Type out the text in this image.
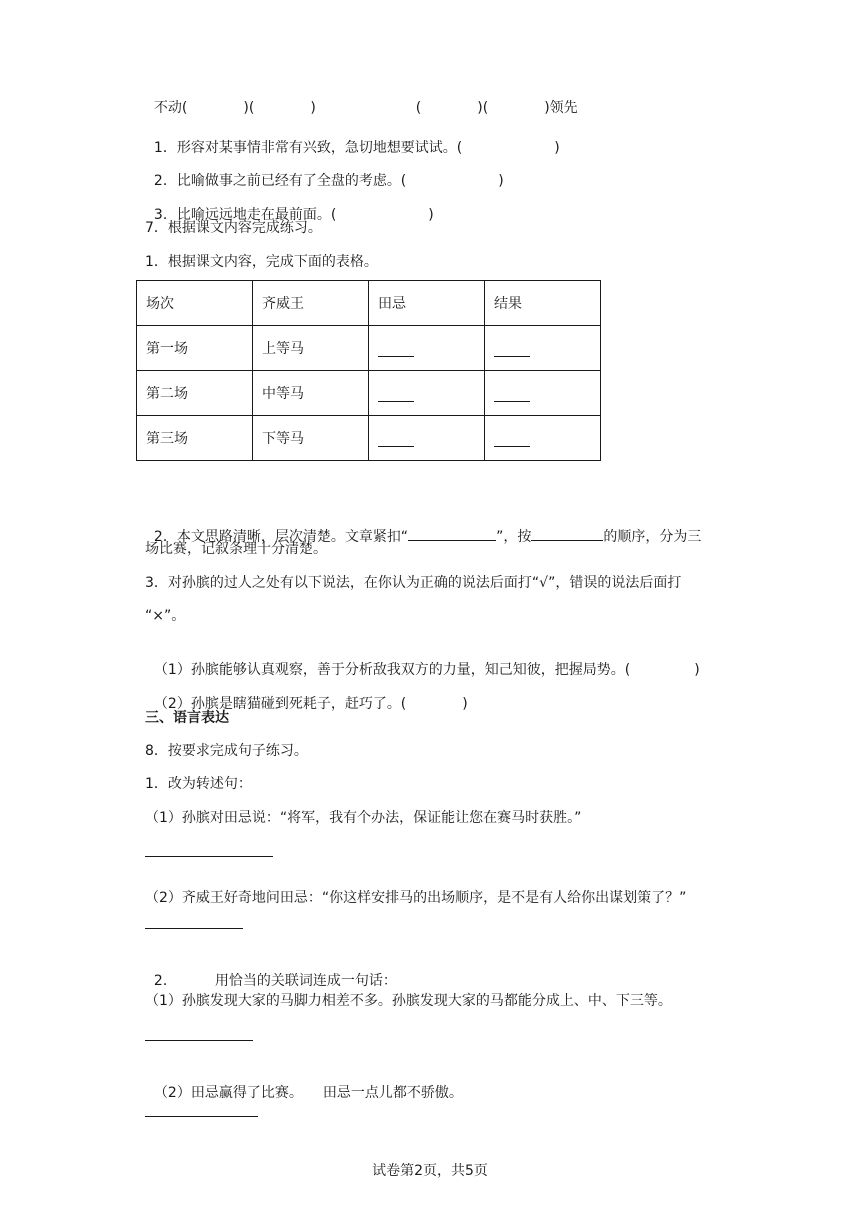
不动(	)(	)	(	)(	)领先

1．形容对某事情非常有兴致，急切地想要试试。(	)

2．比喻做事之前已经有了全盘的考虑。(	)

3．比喻远远地走在最前面。(	)

7．根据课文内容完成练习。
1．根据课文内容，完成下面的表格。
场次	齐威王	田忌	结果
第一场	上等马		
第二场	中等马		
第三场	下等马		

2．本文思路清晰，层次清楚。文章紧扣“	”，按	的顺序，分为三

场比赛，记叙条理十分清楚。
3．对孙膑的过人之处有以下说法，在你认为正确的说法后面打“√”，错误的说法后面打
“×”。

（1）孙膑能够认真观察，善于分析敌我双方的力量，知己知彼，把握局势。(	)

（2）孙膑是瞎猫碰到死耗子，赶巧了。(	)

三、语言表达
8．按要求完成句子练习。
1．改为转述句：
（1）孙膑对田忌说：“将军，我有个办法，保证能让您在赛马时获胜。”
（2）齐威王好奇地问田忌：“你这样安排马的出场顺序，是不是有人给你出谋划策了？”

2．	用恰当的关联词连成一句话：

（1）孙膑发现大家的马脚力相差不多。孙膑发现大家的马都能分成上、中、下三等。

（2）田忌赢得了比赛。 田忌一点儿都不骄傲。

试卷第2页，共5页
